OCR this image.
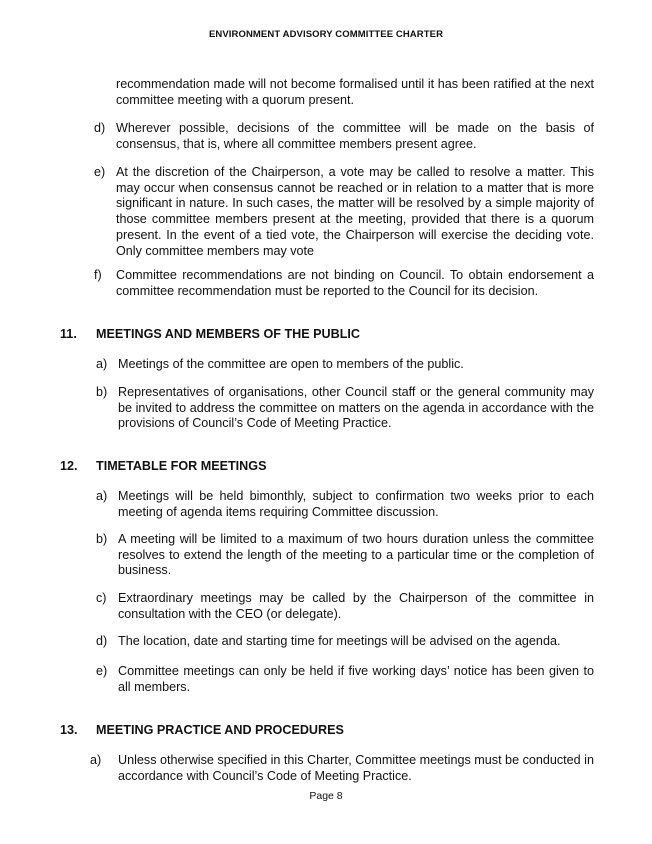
ENVIRONMENT ADVISORY COMMITTEE CHARTER
recommendation made will not become formalised until it has been ratified at the next committee meeting with a quorum present.
d) Wherever possible, decisions of the committee will be made on the basis of consensus, that is, where all committee members present agree.
e) At the discretion of the Chairperson, a vote may be called to resolve a matter. This may occur when consensus cannot be reached or in relation to a matter that is more significant in nature. In such cases, the matter will be resolved by a simple majority of those committee members present at the meeting, provided that there is a quorum present. In the event of a tied vote, the Chairperson will exercise the deciding vote. Only committee members may vote
f) Committee recommendations are not binding on Council. To obtain endorsement a committee recommendation must be reported to the Council for its decision.
11. MEETINGS AND MEMBERS OF THE PUBLIC
a) Meetings of the committee are open to members of the public.
b) Representatives of organisations, other Council staff or the general community may be invited to address the committee on matters on the agenda in accordance with the provisions of Council’s Code of Meeting Practice.
12. TIMETABLE FOR MEETINGS
a) Meetings will be held bimonthly, subject to confirmation two weeks prior to each meeting of agenda items requiring Committee discussion.
b) A meeting will be limited to a maximum of two hours duration unless the committee resolves to extend the length of the meeting to a particular time or the completion of business.
c) Extraordinary meetings may be called by the Chairperson of the committee in consultation with the CEO (or delegate).
d) The location, date and starting time for meetings will be advised on the agenda.
e) Committee meetings can only be held if five working days’ notice has been given to all members.
13. MEETING PRACTICE AND PROCEDURES
a) Unless otherwise specified in this Charter, Committee meetings must be conducted in accordance with Council’s Code of Meeting Practice.
Page 8
